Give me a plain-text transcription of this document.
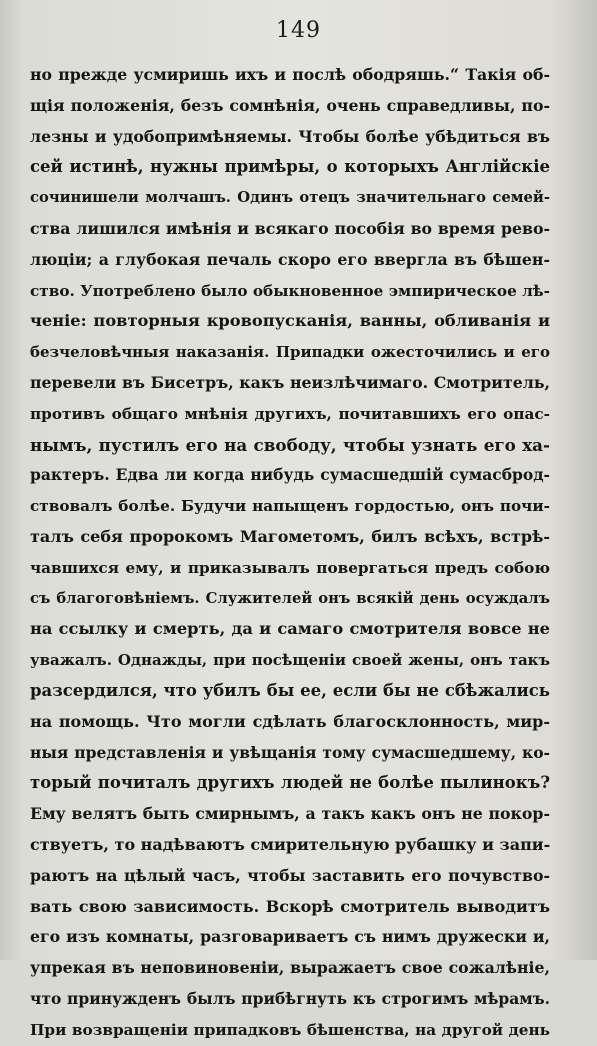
149
но прежде усмиришь ихъ и послѣ ободряшь.“ Такія об-
щія положенія, безъ сомнѣнія, очень справедливы, по-
лезны и удобопримѣняемы. Чтобы болѣе убѣдиться въ
сей истинѣ, нужны примѣры, о которыхъ Англійскіе
сочинишели молчашъ. Одинъ отецъ значительнаго семей-
ства лишился имѣнія и всякаго пособія во время рево-
люціи; а глубокая печаль скоро его ввергла въ бѣшен-
ство. Употреблено было обыкновенное эмпирическое лѣ-
ченіе: повторныя кровопусканія, ванны, обливанія и
безчеловѣчныя наказанія. Припадки ожесточились и его
перевели въ Бисетръ, какъ неизлѣчимаго. Смотритель,
противъ общаго мнѣнія другихъ, почитавшихъ его опас-
нымъ, пустилъ его на свободу, чтобы узнать его ха-
рактеръ. Едва ли когда нибудь сумасшедшій сумасброд-
ствовалъ болѣе. Будучи напыщенъ гордостью, онъ почи-
талъ себя пророкомъ Магометомъ, билъ всѣхъ, встрѣ-
чавшихся ему, и приказывалъ повергаться предъ собою
съ благоговѣніемъ. Служителей онъ всякій день осуждалъ
на ссылку и смерть, да и самаго смотрителя вовсе не
уважалъ. Однажды, при посѣщеніи своей жены, онъ такъ
разсердился, что убилъ бы ее, если бы не сбѣжались
на помощь. Что могли сдѣлать благосклонность, мир-
ныя представленія и увѣщанія тому сумасшедшему, ко-
торый почиталъ другихъ людей не болѣе пылинокъ?
Ему велятъ быть смирнымъ, а такъ какъ онъ не покор-
ствуетъ, то надѣваютъ смирительную рубашку и запи-
раютъ на цѣлый часъ, чтобы заставить его почувство-
вать свою зависимость. Вскорѣ смотритель выводитъ
его изъ комнаты, разговариваетъ съ нимъ дружески и,
упрекая въ неповиновеніи, выражаетъ свое сожалѣніе,
что принужденъ былъ прибѣгнуть къ строгимъ мѣрамъ.
При возвращеніи припадковъ бѣшенства, на другой день
